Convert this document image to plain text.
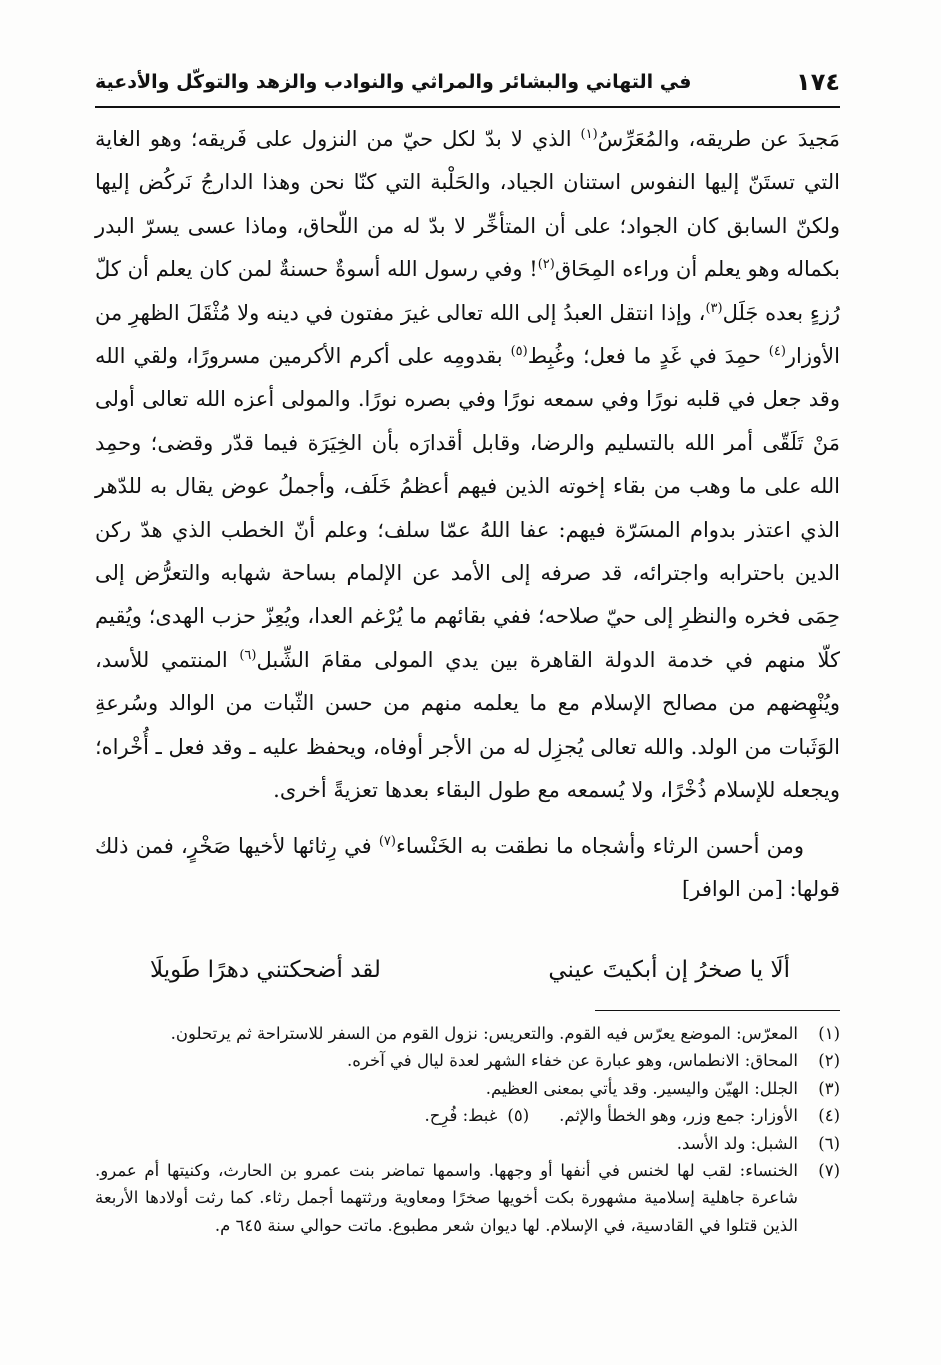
١٧٤
في التهاني والبشائر والمراثي والنوادب والزهد والتوكّل والأدعية

مَجيدَ عن طريقه، والمُعَرِّسُ$^{(١)}$ الذي لا بدّ لكل حيّ من النزول على فَريقه؛ وهو الغاية التي تستَنّ إليها النفوس استنان الجياد، والحَلْبة التي كنّا نحن وهذا الدارجُ نَركُض إليها ولكنّ السابق كان الجواد؛ على أن المتأخِّر لا بدّ له من اللّحاق، وماذا عسى يسرّ البدر بكماله وهو يعلم أن وراءه المِحَاق$^{(٢)}$! وفي رسول الله أسوةٌ حسنةٌ لمن كان يعلم أن كلّ رُزءٍ بعده جَلَل$^{(٣)}$، وإذا انتقل العبدُ إلى الله تعالى غيرَ مفتون في دينه ولا مُثْقَلَ الظهرِ من الأوزار$^{(٤)}$ حمِدَ في غَدٍ ما فعل؛ وغُبِط$^{(٥)}$ بقدومِه على أكرم الأكرمين مسرورًا، ولقي الله وقد جعل في قلبه نورًا وفي سمعه نورًا وفي بصره نورًا. والمولى أعزه الله تعالى أولى مَنْ تَلَقّى أمر الله بالتسليم والرضا، وقابل أقدارَه بأن الخِيَرَة فيما قدّر وقضى؛ وحمِد الله على ما وهب من بقاء إخوته الذين فيهم أعظمُ خَلَف، وأجملُ عوض يقال به للدّهر الذي اعتذر بدوام المسَرّة فيهم: عفا اللهُ عمّا سلف؛ وعلم أنّ الخطب الذي هدّ ركن الدين باحترابه واجترائه، قد صرفه إلى الأمد عن الإلمام بساحة شهابه والتعرُّض إلى حِمَى فخره والنظرِ إلى حيّ صلاحه؛ ففي بقائهم ما يُرْغم العدا، ويُعِزّ حزب الهدى؛ ويُقيم كلّا منهم في خدمة الدولة القاهرة بين يدي المولى مقامَ الشِّبل$^{(٦)}$ المنتمي للأسد، ويُنْهِضهم من مصالح الإسلام مع ما يعلمه منهم من حسن الثّبات من الوالد وسُرعةِ الوَثَبات من الولد. والله تعالى يُجزِل له من الأجر أوفاه، ويحفظ عليه ـ وقد فعل ـ أُخْراه؛ ويجعله للإسلام ذُخْرًا، ولا يُسمعه مع طول البقاء بعدها تعزيةً أخرى.

ومن أحسن الرثاء وأشجاه ما نطقت به الخَنْساء$^{(٧)}$ في رِثائها لأخيها صَخْرٍ، فمن ذلك قولها: [من الوافر]

ألَا يا صخرُ إن أبكيتَ عيني
لقد أضحكتني دهرًا طَويلَا
(١)
المعرّس: الموضع يعرّس فيه القوم. والتعريس: نزول القوم من السفر للاستراحة ثم يرتحلون.
(٢)
المحاق: الانطماس، وهو عبارة عن خفاء الشهر لعدة ليال في آخره.
(٣)
الجلل: الهيّن واليسير. وقد يأتي بمعنى العظيم.
(٤)
الأوزار: جمع وزر، وهو الخطأ والإثم.
(٥)
غبط: فُرِح.
(٦)
الشبل: ولد الأسد.
(٧)
الخنساء: لقب لها لخنس في أنفها أو وجهها. واسمها تماضر بنت عمرو بن الحارث، وكنيتها أم عمرو. شاعرة جاهلية إسلامية مشهورة بكت أخويها صخرًا ومعاوية ورثتهما أجمل رثاء. كما رثت أولادها الأربعة الذين قتلوا في القادسية، في الإسلام. لها ديوان شعر مطبوع. ماتت حوالي سنة ٦٤٥ م.
